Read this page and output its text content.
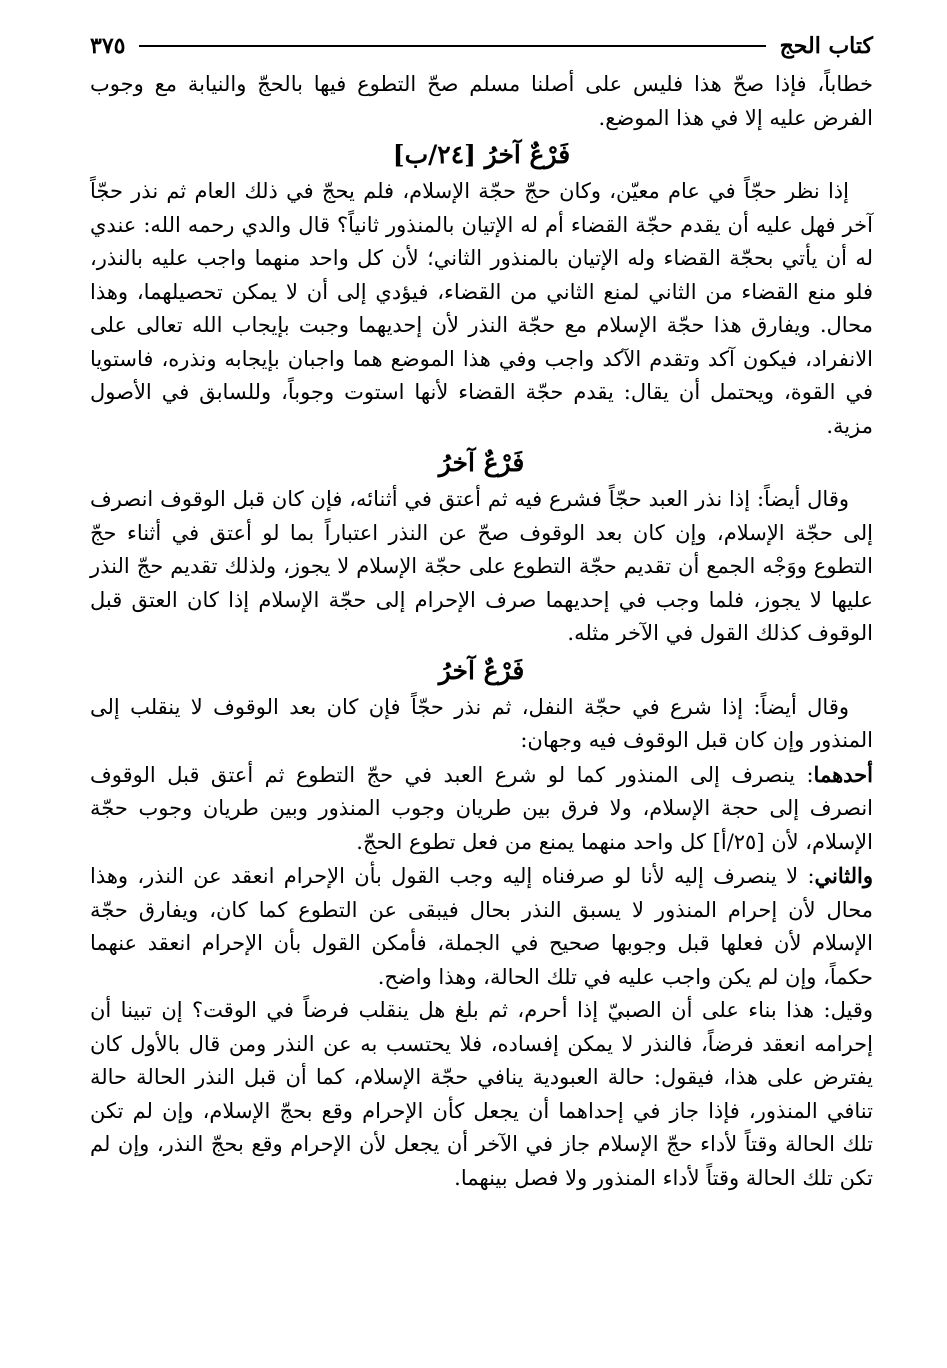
كتاب الحج
٣٧٥

خطاباً، فإذا صحّ هذا فليس على أصلنا مسلم صحّ التطوع فيها بالحجّ والنيابة مع وجوب الفرض عليه إلا في هذا الموضع.

فَرْعٌ آخرُ [٢٤/ب]

إذا نظر حجّاً في عام معيّن، وكان حجّ حجّة الإسلام، فلم يحجّ في ذلك العام ثم نذر حجّاً آخر فهل عليه أن يقدم حجّة القضاء أم له الإتيان بالمنذور ثانياً؟ قال والدي رحمه الله: عندي له أن يأتي بحجّة القضاء وله الإتيان بالمنذور الثاني؛ لأن كل واحد منهما واجب عليه بالنذر، فلو منع القضاء من الثاني لمنع الثاني من القضاء، فيؤدي إلى أن لا يمكن تحصيلهما، وهذا محال. ويفارق هذا حجّة الإسلام مع حجّة النذر لأن إحديهما وجبت بإيجاب الله تعالى على الانفراد، فيكون آكد وتقدم الآكد واجب وفي هذا الموضع هما واجبان بإيجابه ونذره، فاستويا في القوة، ويحتمل أن يقال: يقدم حجّة القضاء لأنها استوت وجوباً، وللسابق في الأصول مزية.

فَرْعٌ آخرُ

وقال أيضاً: إذا نذر العبد حجّاً فشرع فيه ثم أعتق في أثنائه، فإن كان قبل الوقوف انصرف إلى حجّة الإسلام، وإن كان بعد الوقوف صحّ عن النذر اعتباراً بما لو أعتق في أثناء حجّ التطوع ووَجْه الجمع أن تقديم حجّة التطوع على حجّة الإسلام لا يجوز، ولذلك تقديم حجّ النذر عليها لا يجوز، فلما وجب في إحديهما صرف الإحرام إلى حجّة الإسلام إذا كان العتق قبل الوقوف كذلك القول في الآخر مثله.

فَرْعٌ آخرُ

وقال أيضاً: إذا شرع في حجّة النفل، ثم نذر حجّاً فإن كان بعد الوقوف لا ينقلب إلى المنذور وإن كان قبل الوقوف فيه وجهان:

أحدهما: ينصرف إلى المنذور كما لو شرع العبد في حجّ التطوع ثم أعتق قبل الوقوف انصرف إلى حجة الإسلام، ولا فرق بين طريان وجوب المنذور وبين طريان وجوب حجّة الإسلام، لأن [٢٥/أ] كل واحد منهما يمنع من فعل تطوع الحجّ.

والثاني: لا ينصرف إليه لأنا لو صرفناه إليه وجب القول بأن الإحرام انعقد عن النذر، وهذا محال لأن إحرام المنذور لا يسبق النذر بحال فيبقى عن التطوع كما كان، ويفارق حجّة الإسلام لأن فعلها قبل وجوبها صحيح في الجملة، فأمكن القول بأن الإحرام انعقد عنهما حكماً، وإن لم يكن واجب عليه في تلك الحالة، وهذا واضح.

وقيل: هذا بناء على أن الصبيّ إذا أحرم، ثم بلغ هل ينقلب فرضاً في الوقت؟ إن تبينا أن إحرامه انعقد فرضاً، فالنذر لا يمكن إفساده، فلا يحتسب به عن النذر ومن قال بالأول كان يفترض على هذا، فيقول: حالة العبودية ينافي حجّة الإسلام، كما أن قبل النذر الحالة حالة تنافي المنذور، فإذا جاز في إحداهما أن يجعل كأن الإحرام وقع بحجّ الإسلام، وإن لم تكن تلك الحالة وقتاً لأداء حجّ الإسلام جاز في الآخر أن يجعل لأن الإحرام وقع بحجّ النذر، وإن لم تكن تلك الحالة وقتاً لأداء المنذور ولا فصل بينهما.
